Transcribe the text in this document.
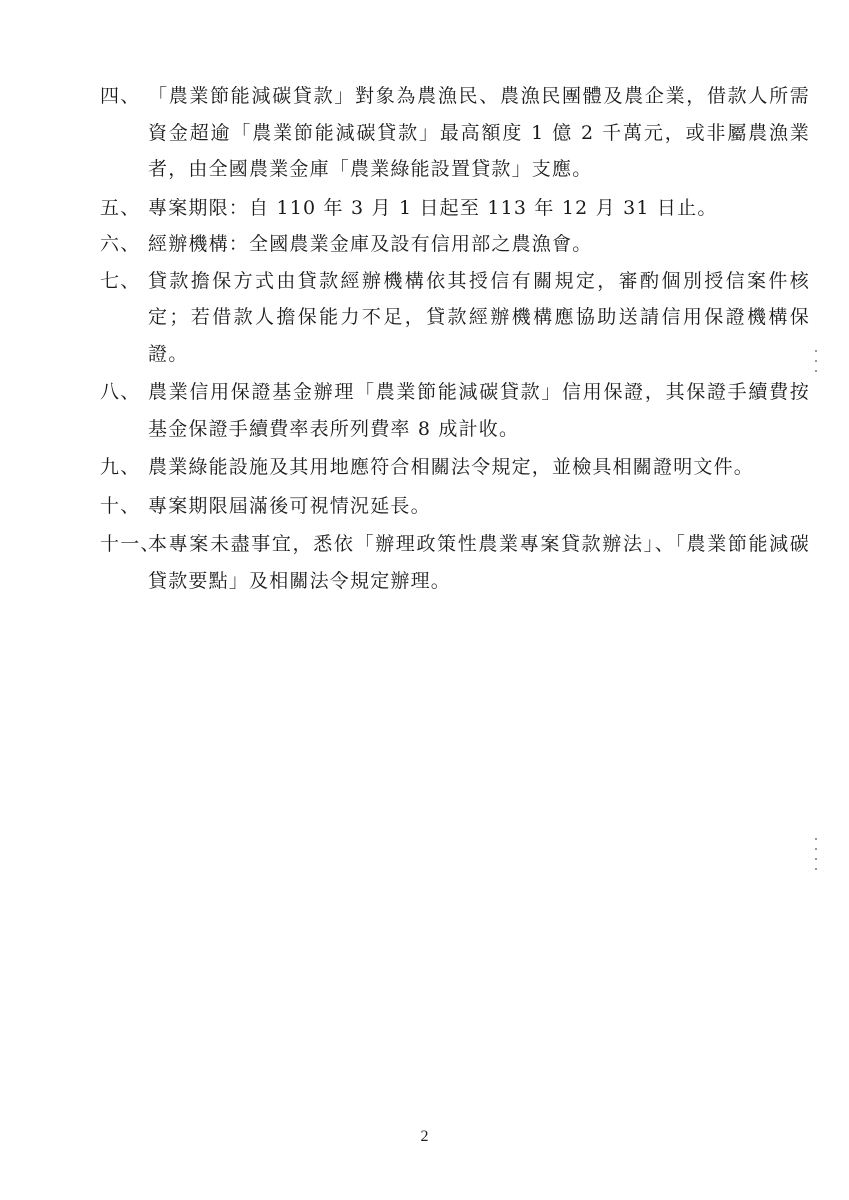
四、 「農業節能減碳貸款」對象為農漁民、農漁民團體及農企業，借款人所需資金超逾「農業節能減碳貸款」最高額度 1 億 2 千萬元，或非屬農漁業者，由全國農業金庫「農業綠能設置貸款」支應。
五、 專案期限：自 110 年 3 月 1 日起至 113 年 12 月 31 日止。
六、 經辦機構：全國農業金庫及設有信用部之農漁會。
七、 貸款擔保方式由貸款經辦機構依其授信有關規定，審酌個別授信案件核定；若借款人擔保能力不足，貸款經辦機構應協助送請信用保證機構保證。
八、 農業信用保證基金辦理「農業節能減碳貸款」信用保證，其保證手續費按基金保證手續費率表所列費率 8 成計收。
九、 農業綠能設施及其用地應符合相關法令規定，並檢具相關證明文件。
十、 專案期限屆滿後可視情況延長。
十一、
本專案未盡事宜，悉依「辦理政策性農業專案貸款辦法」、「農業節能減碳貸款要點」及相關法令規定辦理。
2
